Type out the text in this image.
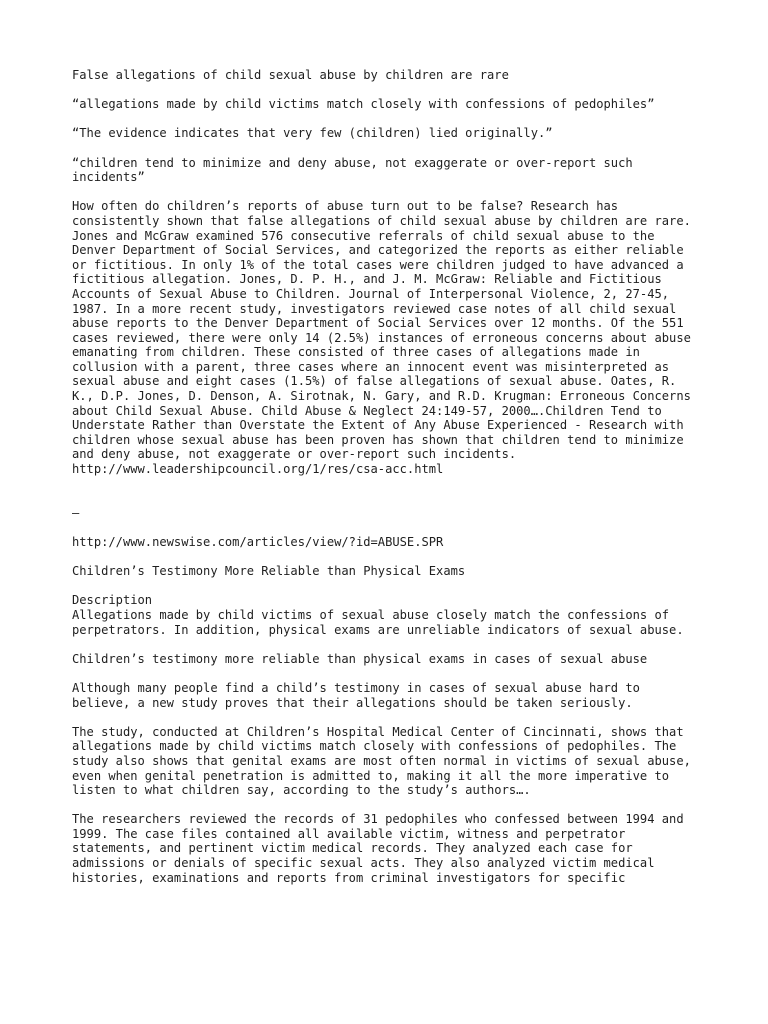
False allegations of child sexual abuse by children are rare

“allegations made by child victims match closely with confessions of pedophiles”

“The evidence indicates that very few (children) lied originally.”

“children tend to minimize and deny abuse, not exaggerate or over-report such incidents”

How often do children’s reports of abuse turn out to be false? Research has consistently shown that false allegations of child sexual abuse by children are rare. Jones and McGraw examined 576 consecutive referrals of child sexual abuse to the Denver Department of Social Services, and categorized the reports as either reliable or fictitious. In only 1% of the total cases were children judged to have advanced a fictitious allegation. Jones, D. P. H., and J. M. McGraw: Reliable and Fictitious Accounts of Sexual Abuse to Children. Journal of Interpersonal Violence, 2, 27-45, 1987. In a more recent study, investigators reviewed case notes of all child sexual abuse reports to the Denver Department of Social Services over 12 months. Of the 551 cases reviewed, there were only 14 (2.5%) instances of erroneous concerns about abuse emanating from children. These consisted of three cases of allegations made in collusion with a parent, three cases where an innocent event was misinterpreted as sexual abuse and eight cases (1.5%) of false allegations of sexual abuse. Oates, R. K., D.P. Jones, D. Denson, A. Sirotnak, N. Gary, and R.D. Krugman: Erroneous Concerns about Child Sexual Abuse. Child Abuse & Neglect 24:149-57, 2000….Children Tend to Understate Rather than Overstate the Extent of Any Abuse Experienced - Research with children whose sexual abuse has been proven has shown that children tend to minimize and deny abuse, not exaggerate or over-report such incidents.

http://www.leadershipcouncil.org/1/res/csa-acc.html

–

http://www.newswise.com/articles/view/?id=ABUSE.SPR

Children’s Testimony More Reliable than Physical Exams

Description

Allegations made by child victims of sexual abuse closely match the confessions of perpetrators. In addition, physical exams are unreliable indicators of sexual abuse.

Children’s testimony more reliable than physical exams in cases of sexual abuse

Although many people find a child’s testimony in cases of sexual abuse hard to believe, a new study proves that their allegations should be taken seriously.

The study, conducted at Children’s Hospital Medical Center of Cincinnati, shows that allegations made by child victims match closely with confessions of pedophiles. The study also shows that genital exams are most often normal in victims of sexual abuse, even when genital penetration is admitted to, making it all the more imperative to listen to what children say, according to the study’s authors….

The researchers reviewed the records of 31 pedophiles who confessed between 1994 and 1999. The case files contained all available victim, witness and perpetrator statements, and pertinent victim medical records. They analyzed each case for admissions or denials of specific sexual acts. They also analyzed victim medical histories, examinations and reports from criminal investigators for specific
